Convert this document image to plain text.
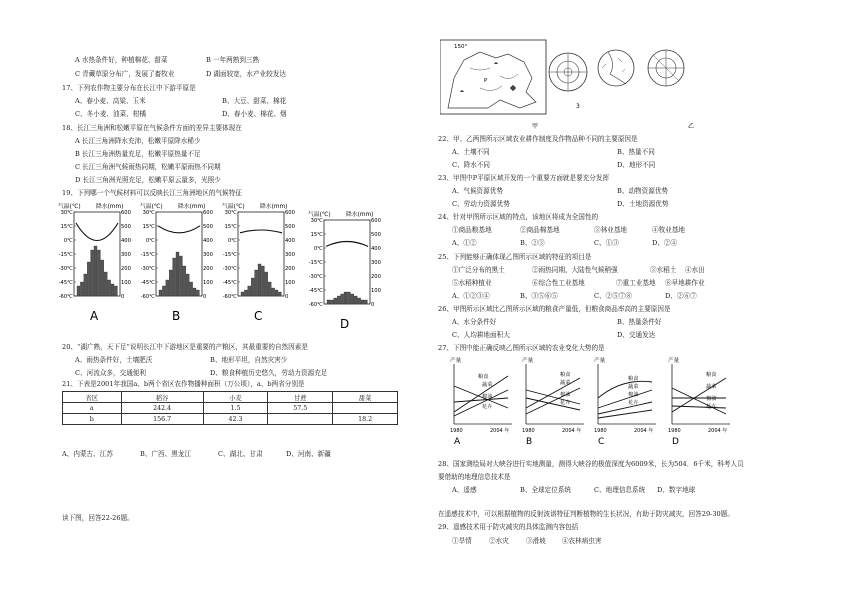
A 水热条件好，种植棉花、甜菜	B 一年两熟到三熟
C 青藏草原分布广，发展了畜牧业	D 湖面较宽，水产业较发达
17、下列农作物主要分布在长江中下游平原是
A、春小麦、高粱、玉米	B、大豆、甜菜、棉花
C、冬小麦、油菜、柑橘	D、春小麦、棉花、烟
18、长江三角洲和松嫩平原在气候条件方面的差异主要体现在
A 长江三角洲降水充沛，松嫩平原降水稀少
B 长江三角洲热量充足，松嫩平原热量不足
C 长江三角洲气候雨热同期，松嫩平原雨热不同期
D 长江三角洲光照充足，松嫩平原云量多，光照少
19、下列哪一个气候材料可以反映长江三角洲地区的气候特征
气温(℃)	降水(mm)
30℃
15℃
0℃
-15℃
-30℃
-45℃
-60℃
600
500
400
300
200
100
0
A
气温(℃)	降水(mm)
30℃
15℃
0℃
-15℃
-30℃
-45℃
-60℃
600
500
400
300
200
100
0
B
气温(℃)	降水(mm)
30℃
15℃
0℃
-15℃
-30℃
-45℃
-60℃
600
500
400
300
200
100
0
C
气温(℃)	降水(mm)
30℃
15℃
0℃
-15℃
-30℃
-45℃
-60℃
600
500
400
300
200
100
0
D
20、“湖广熟，天下足”说明长江中下游地区是重要的产粮区，其最重要的自然因素是
A、雨热条件好，土壤肥沃	B、地形平坦，自然灾害少
C、河流众多，交通便利	D、粮食种植历史悠久，劳动力资源充足
21、下表是2001年我国a、b两个省区农作物播种面积（万公顷），a、b两省分别是
省区	稻谷	小麦	甘蔗	甜菜
a	242.4	1.5	57.5	
b	156.7	42.3		18.2
A、内蒙古、江苏	B、广西、黑龙江	C、湖北、甘肃	D、河南、新疆
读下图，回答22-26题。
150°
P
3
甲	乙
22、甲、乙两图所示区域农业耕作制度及作物品种不同的主要原因是
A、土壤不同	B、热量不同
C、降水不同	D、地形不同
23、甲图中P平原区域开发的一个重要方面就是要充分发挥
A、气候资源优势	B、动物资源优势
C、劳动力资源优势	D、土地资源优势
24、针对甲图所示区域的特点，该地区将成为全国性的
①商品粮基地	②商品棉基地	③林业基地	④牧业基地
A、①②	B、②③	C、①③	D、②④
25、下列能够正确体现乙图所示区域的特征的项目是
①广泛分布的黑土	②雨热同期，大陆性气候稍强	③水稻土 ④水田
⑤水稻种植业	⑥综合性工业基地	⑦重工业基地 ⑧早地耕作业
A、①②③④	B、③⑤⑥⑤	C、②⑤⑦⑧	D、②⑥⑦
26、甲图所示区域比乙图所示区域的粮食产量低，但粮食商品率高的主要原因是
A、水分条件好	B、热量条件好
C、人均耕地面积大	D、交通发达
27、下图中能正确反映乙图所示区域的农业变化大势的是
产量
粮食
蔬菜
棉油
花卉
1980	2004 年
A
产量
粮食
蔬菜
棉油
花卉
1980	2004 年
B
产量
粮食
蔬菜
棉油
花卉
1980	2004 年
C
产量
粮食
蔬菜
棉油
花卉
1980	2004 年
D
28、国家测绘局对大峡谷进行实地测量，测得大峡谷的极值深度为6009米，长为504．6千米，科考人员
要借助的地理信息技术是
A、遥感	B、全球定位系统	C、地理信息系统 D、数字地球
在遥感技术中，可以根据植物的反射波谱特征判断植物的生长状况，有助于防灾减灾，回答29-30题。
29、遥感技术用于防灾减灾的具体监测内容包括
①旱情	②水灾	③滑坡 ④农林病虫害
